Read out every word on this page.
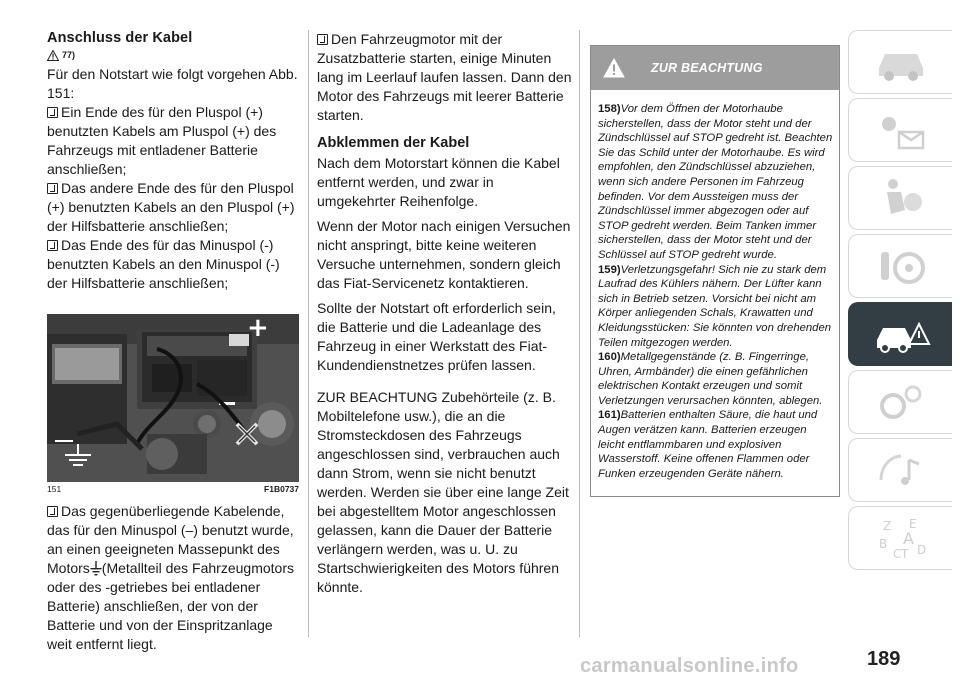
Anschluss der Kabel
77)

Für den Notstart wie folgt vorgehen Abb. 151:

Ein Ende des für den Pluspol (+) benutzten Kabels am Pluspol (+) des Fahrzeugs mit entladener Batterie anschließen;

Das andere Ende des für den Pluspol (+) benutzten Kabels an den Pluspol (+) der Hilfsbatterie anschließen;

Das Ende des für das Minuspol (-) benutzten Kabels an den Minuspol (-) der Hilfsbatterie anschließen;

+
151	F1B0737

Das gegenüberliegende Kabelende, das für den Minuspol (–) benutzt wurde, an einen geeigneten Massepunkt des Motors (Metallteil des Fahrzeugmotors oder des -getriebes bei entladener Batterie) anschließen, der von der Batterie und von der Einspritzanlage weit entfernt liegt.

Den Fahrzeugmotor mit der Zusatzbatterie starten, einige Minuten lang im Leerlauf laufen lassen. Dann den Motor des Fahrzeugs mit leerer Batterie starten.

Abklemmen der Kabel

Nach dem Motorstart können die Kabel entfernt werden, und zwar in umgekehrter Reihenfolge.

Wenn der Motor nach einigen Versuchen nicht anspringt, bitte keine weiteren Versuche unternehmen, sondern gleich das Fiat-Servicenetz kontaktieren.

Sollte der Notstart oft erforderlich sein, die Batterie und die Ladeanlage des Fahrzeug in einer Werkstatt des Fiat-Kundendienstnetzes prüfen lassen.

ZUR BEACHTUNG Zubehörteile (z. B. Mobiltelefone usw.), die an die Stromsteckdosen des Fahrzeugs angeschlossen sind, verbrauchen auch dann Strom, wenn sie nicht benutzt werden. Werden sie über eine lange Zeit bei abgestelltem Motor angeschlossen gelassen, kann die Dauer der Batterie verlängern werden, was u. U. zu Startschwierigkeiten des Motors führen könnte.

ZUR BEACHTUNG
158)Vor dem Öffnen der Motorhaube sicherstellen, dass der Motor steht und der Zündschlüssel auf STOP gedreht ist. Beachten Sie das Schild unter der Motorhaube. Es wird empfohlen, den Zündschlüssel abzuziehen, wenn sich andere Personen im Fahrzeug befinden. Vor dem Aussteigen muss der Zündschlüssel immer abgezogen oder auf STOP gedreht werden. Beim Tanken immer sicherstellen, dass der Motor steht und der Schlüssel auf STOP gedreht wurde.
159)Verletzungsgefahr! Sich nie zu stark dem Laufrad des Kühlers nähern. Der Lüfter kann sich in Betrieb setzen. Vorsicht bei nicht am Körper anliegenden Schals, Krawatten und Kleidungsstücken: Sie könnten von drehenden Teilen mitgezogen werden.
160)Metallgegenstände (z. B. Fingerringe, Uhren, Armbänder) die einen gefährlichen elektrischen Kontakt erzeugen und somit Verletzungen verursachen könnten, ablegen.
161)Batterien enthalten Säure, die haut und Augen verätzen kann. Batterien erzeugen leicht entflammbaren und explosiven Wasserstoff. Keine offenen Flammen oder Funken erzeugenden Geräte nähern.
Z E
A
B
C T D
carmanualsonline.info	189
